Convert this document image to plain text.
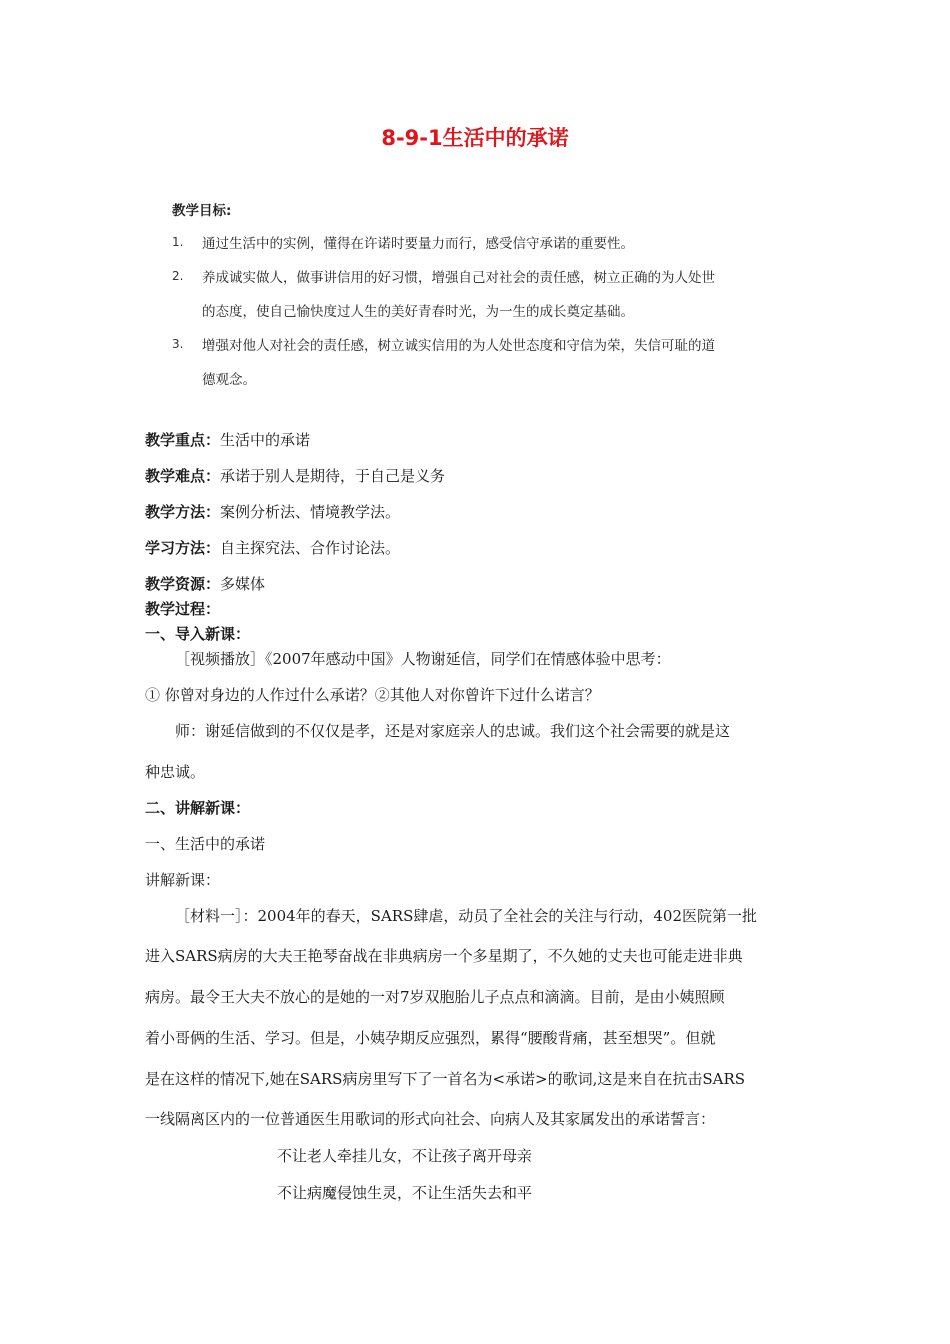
8-9-1生活中的承诺
教学目标:
1. 通过生活中的实例，懂得在许诺时要量力而行，感受信守承诺的重要性。
2. 养成诚实做人，做事讲信用的好习惯，增强自己对社会的责任感，树立正确的为人处世
的态度，使自己愉快度过人生的美好青春时光，为一生的成长奠定基础。
3. 增强对他人对社会的责任感，树立诚实信用的为人处世态度和守信为荣，失信可耻的道
德观念。
教学重点：生活中的承诺
教学难点：承诺于别人是期待，于自己是义务
教学方法：案例分析法、情境教学法。
学习方法：自主探究法、合作讨论法。
教学资源：多媒体
教学过程：
一、导入新课：
［视频播放］《2007年感动中国》人物谢延信，同学们在情感体验中思考：
① 你曾对身边的人作过什么承诺？②其他人对你曾许下过什么诺言？
师：谢延信做到的不仅仅是孝，还是对家庭亲人的忠诚。我们这个社会需要的就是这
种忠诚。
二、讲解新课：
一、生活中的承诺
讲解新课：
［材料一］：2004年的春天，SARS肆虐，动员了全社会的关注与行动，402医院第一批
进入SARS病房的大夫王艳琴奋战在非典病房一个多星期了，不久她的丈夫也可能走进非典
病房。最令王大夫不放心的是她的一对7岁双胞胎儿子点点和滴滴。目前，是由小姨照顾
着小哥俩的生活、学习。但是，小姨孕期反应强烈，累得“腰酸背痛，甚至想哭”。但就
是在这样的情况下,她在SARS病房里写下了一首名为<承诺>的歌词,这是来自在抗击SARS
一线隔离区内的一位普通医生用歌词的形式向社会、向病人及其家属发出的承诺誓言：
不让老人牵挂儿女，不让孩子离开母亲
不让病魔侵蚀生灵，不让生活失去和平
